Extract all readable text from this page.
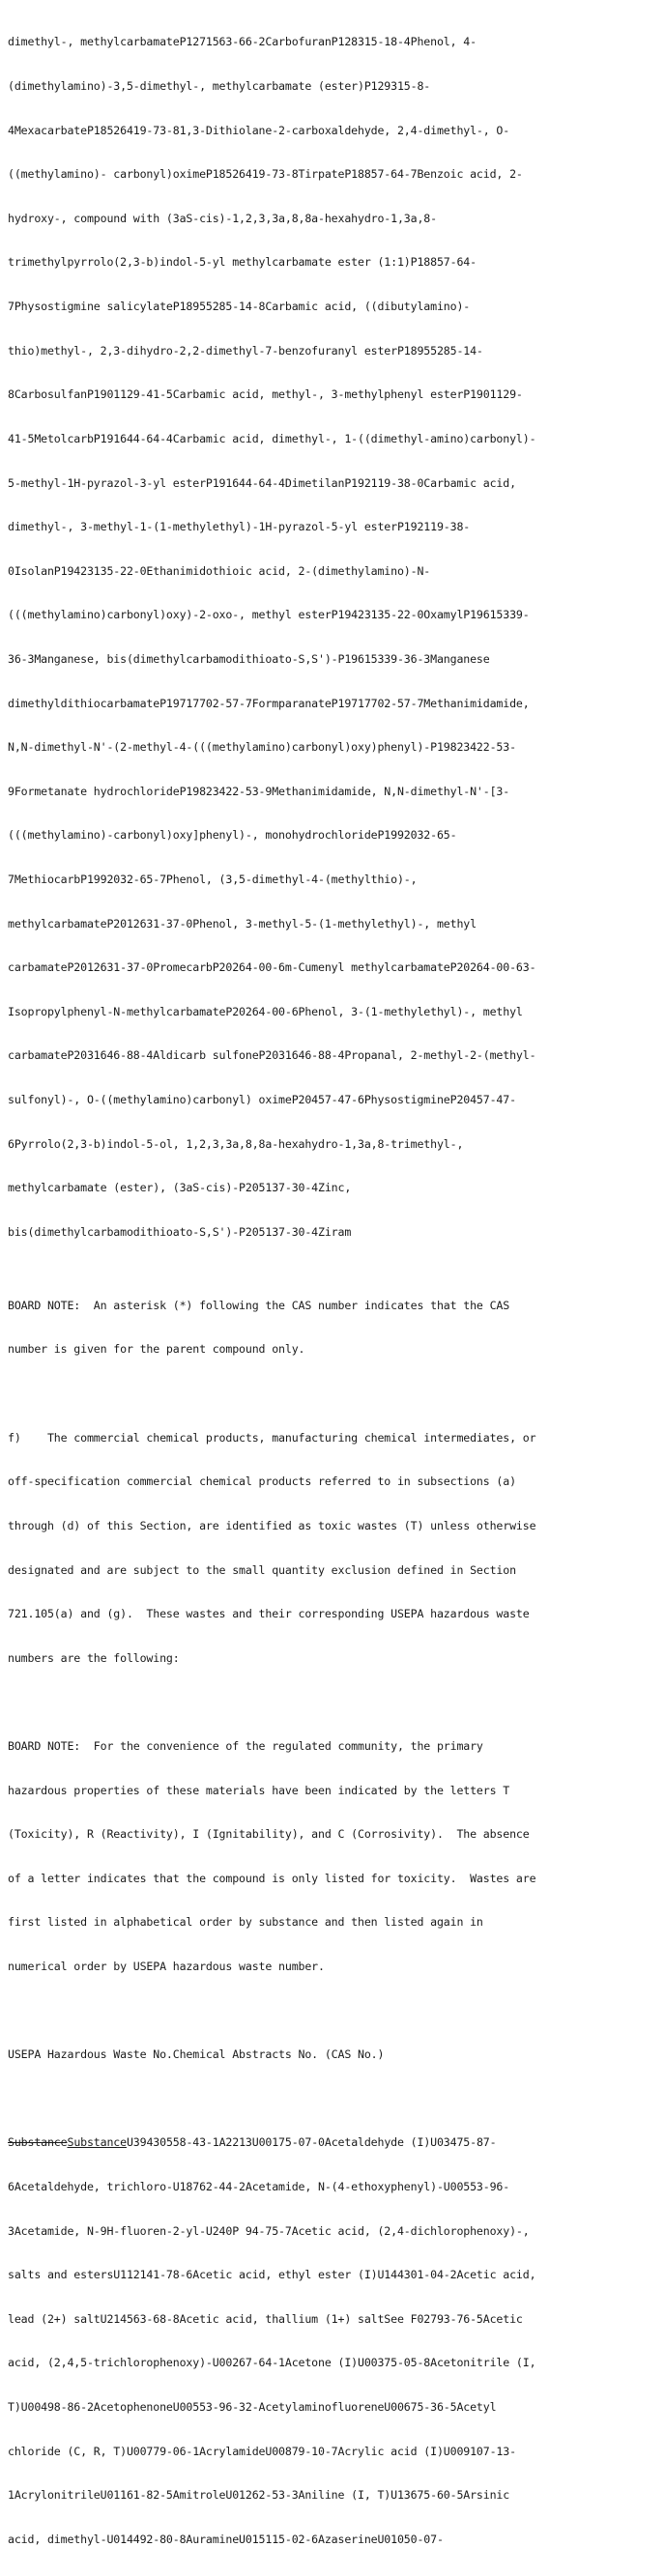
dimethyl-, methylcarbamateP1271563-66-2CarbofuranP128315-18-4Phenol, 4-

(dimethylamino)-3,5-dimethyl-, methylcarbamate (ester)P129315-8-

4MexacarbateP18526419-73-81,3-Dithiolane-2-carboxaldehyde, 2,4-dimethyl-, O-

((methylamino)- carbonyl)oximeP18526419-73-8TirpateP18857-64-7Benzoic acid, 2-

hydroxy-, compound with (3aS-cis)-1,2,3,3a,8,8a-hexahydro-1,3a,8-

trimethylpyrrolo(2,3-b)indol-5-yl methylcarbamate ester (1:1)P18857-64-

7Physostigmine salicylateP18955285-14-8Carbamic acid, ((dibutylamino)-

thio)methyl-, 2,3-dihydro-2,2-dimethyl-7-benzofuranyl esterP18955285-14-

8CarbosulfanP1901129-41-5Carbamic acid, methyl-, 3-methylphenyl esterP1901129-

41-5MetolcarbP191644-64-4Carbamic acid, dimethyl-, 1-((dimethyl-amino)carbonyl)-

5-methyl-1H-pyrazol-3-yl esterP191644-64-4DimetilanP192119-38-0Carbamic acid,

dimethyl-, 3-methyl-1-(1-methylethyl)-1H-pyrazol-5-yl esterP192119-38-

0IsolanP19423135-22-0Ethanimidothioic acid, 2-(dimethylamino)-N-

(((methylamino)carbonyl)oxy)-2-oxo-, methyl esterP19423135-22-0OxamylP19615339-

36-3Manganese, bis(dimethylcarbamodithioato-S,S')-P19615339-36-3Manganese

dimethyldithiocarbamateP19717702-57-7FormparanateP19717702-57-7Methanimidamide,

N,N-dimethyl-N'-(2-methyl-4-(((methylamino)carbonyl)oxy)phenyl)-P19823422-53-

9Formetanate hydrochlorideP19823422-53-9Methanimidamide, N,N-dimethyl-N'-[3-

(((methylamino)-carbonyl)oxy]phenyl)-, monohydrochlorideP1992032-65-

7MethiocarbP1992032-65-7Phenol, (3,5-dimethyl-4-(methylthio)-,

methylcarbamateP2012631-37-0Phenol, 3-methyl-5-(1-methylethyl)-, methyl

carbamateP2012631-37-0PromecarbP20264-00-6m-Cumenyl methylcarbamateP20264-00-63-

Isopropylphenyl-N-methylcarbamateP20264-00-6Phenol, 3-(1-methylethyl)-, methyl

carbamateP2031646-88-4Aldicarb sulfoneP2031646-88-4Propanal, 2-methyl-2-(methyl-

sulfonyl)-, O-((methylamino)carbonyl) oximeP20457-47-6PhysostigmineP20457-47-

6Pyrrolo(2,3-b)indol-5-ol, 1,2,3,3a,8,8a-hexahydro-1,3a,8-trimethyl-,

methylcarbamate (ester), (3aS-cis)-P205137-30-4Zinc,

bis(dimethylcarbamodithioato-S,S')-P205137-30-4Ziram

BOARD NOTE:  An asterisk (*) following the CAS number indicates that the CAS

number is given for the parent compound only.

f)    The commercial chemical products, manufacturing chemical intermediates, or

off-specification commercial chemical products referred to in subsections (a)

through (d) of this Section, are identified as toxic wastes (T) unless otherwise

designated and are subject to the small quantity exclusion defined in Section

721.105(a) and (g).  These wastes and their corresponding USEPA hazardous waste

numbers are the following:

BOARD NOTE:  For the convenience of the regulated community, the primary

hazardous properties of these materials have been indicated by the letters T

(Toxicity), R (Reactivity), I (Ignitability), and C (Corrosivity).  The absence

of a letter indicates that the compound is only listed for toxicity.  Wastes are

first listed in alphabetical order by substance and then listed again in

numerical order by USEPA hazardous waste number.

USEPA Hazardous Waste No.Chemical Abstracts No. (CAS No.)

SubstanceSubstanceU39430558-43-1A2213U00175-07-0Acetaldehyde (I)U03475-87-

6Acetaldehyde, trichloro-U18762-44-2Acetamide, N-(4-ethoxyphenyl)-U00553-96-

3Acetamide, N-9H-fluoren-2-yl-U240P 94-75-7Acetic acid, (2,4-dichlorophenoxy)-,

salts and estersU112141-78-6Acetic acid, ethyl ester (I)U144301-04-2Acetic acid,

lead (2+) saltU214563-68-8Acetic acid, thallium (1+) saltSee F02793-76-5Acetic

acid, (2,4,5-trichlorophenoxy)-U00267-64-1Acetone (I)U00375-05-8Acetonitrile (I,

T)U00498-86-2AcetophenoneU00553-96-32-AcetylaminofluoreneU00675-36-5Acetyl

chloride (C, R, T)U00779-06-1AcrylamideU00879-10-7Acrylic acid (I)U009107-13-

1AcrylonitrileU01161-82-5AmitroleU01262-53-3Aniline (I, T)U13675-60-5Arsinic

acid, dimethyl-U014492-80-8AuramineU015115-02-6AzaserineU01050-07-
